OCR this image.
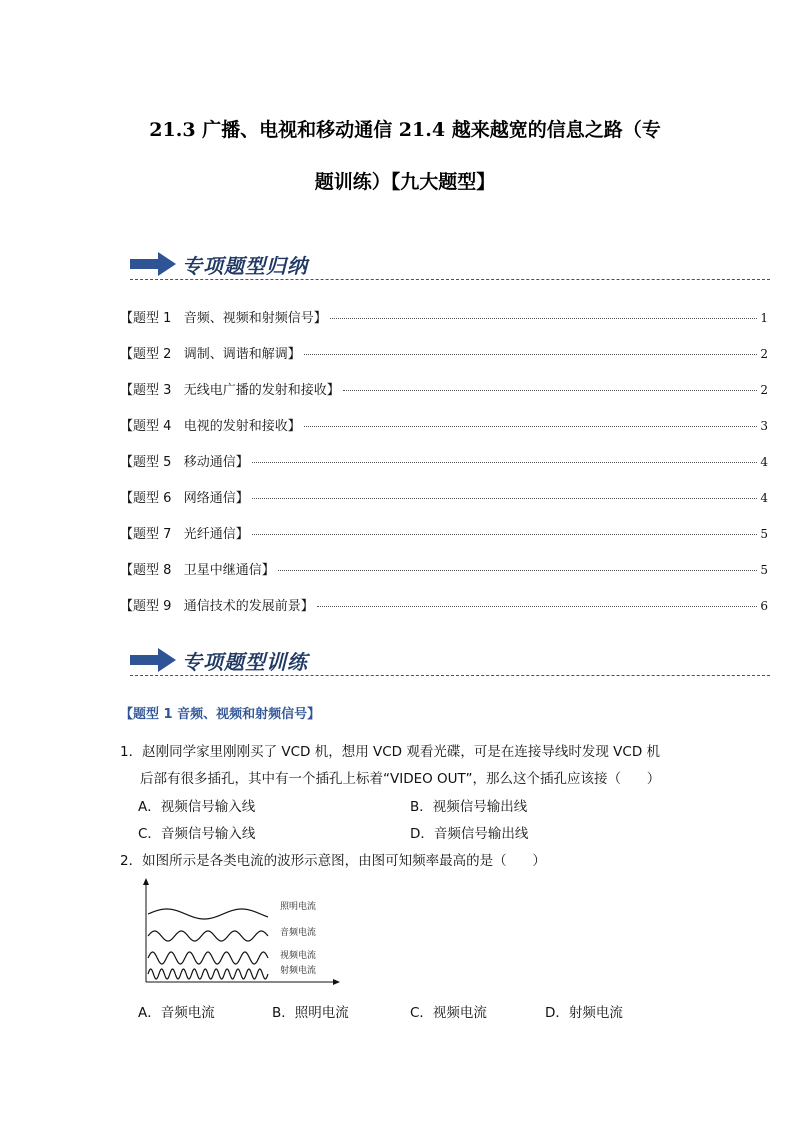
21.3 广播、电视和移动通信 21.4 越来越宽的信息之路（专
题训练）【九大题型】
专项题型归纳
【题型 1   音频、视频和射频信号】	1
【题型 2   调制、调谐和解调】	2
【题型 3   无线电广播的发射和接收】	2
【题型 4   电视的发射和接收】	3
【题型 5   移动通信】	4
【题型 6   网络通信】	4
【题型 7   光纤通信】	5
【题型 8   卫星中继通信】	5
【题型 9   通信技术的发展前景】	6
专项题型训练
【题型 1 音频、视频和射频信号】
1．赵刚同学家里刚刚买了 VCD 机，想用 VCD 观看光碟，可是在连接导线时发现 VCD 机
后部有很多插孔，其中有一个插孔上标着“VIDEO OUT”，那么这个插孔应该接（      ）
A．视频信号输入线	B．视频信号输出线
C．音频信号输入线	D．音频信号输出线
2．如图所示是各类电流的波形示意图，由图可知频率最高的是（      ）
照明电流
音频电流
视频电流
射频电流
A．音频电流	B．照明电流	C．视频电流	D．射频电流
